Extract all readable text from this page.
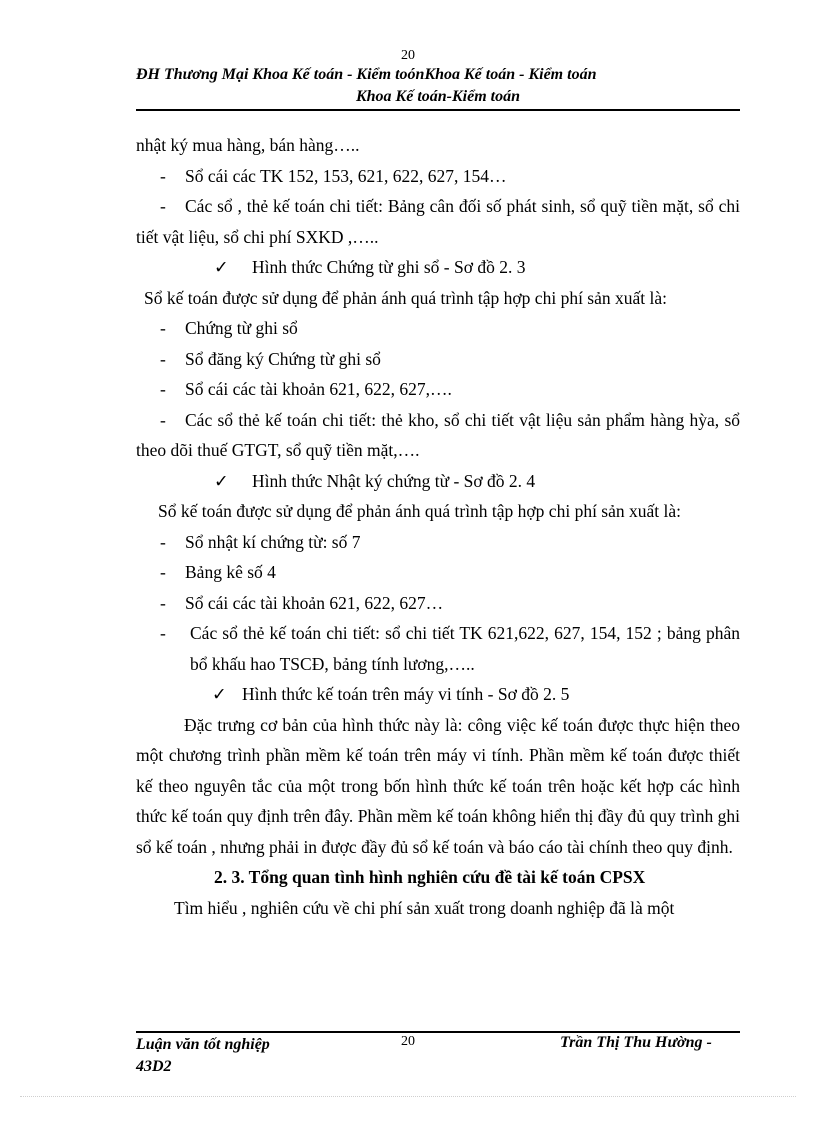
20
ĐH Thương Mại Khoa Kế toán - Kiểm toónKhoa Kế toán - Kiểm toán
Khoa Kế toán-Kiểm toán

nhật ký mua hàng, bán hàng…..

-	Sổ cái các TK 152, 153, 621, 622, 627, 154…

- Các sổ , thẻ kế toán chi tiết: Bảng cân đối số phát sinh, sổ quỹ tiền mặt, sổ chi tiết vật liệu, sổ chi phí SXKD ,…..

✓	Hình thức Chứng từ ghi sổ - Sơ đồ 2. 3

Sổ kế toán được sử dụng để phản ánh quá trình tập hợp chi phí sản xuất là:

-	Chứng từ ghi sổ
-	Sổ đăng ký Chứng từ ghi sổ
-	Sổ cái các tài khoản 621, 622, 627,….

- Các sổ thẻ kế toán chi tiết: thẻ kho, sổ chi tiết vật liệu sản phẩm hàng hỳa, sổ theo dõi thuế GTGT, sổ quỹ tiền mặt,….

✓	Hình thức Nhật ký chứng từ - Sơ đồ 2. 4

Sổ kế toán được sử dụng để phản ánh quá trình tập hợp chi phí sản xuất là:

-	Sổ nhật kí chứng từ: số 7
-	Bảng kê số 4
-	Sổ cái các tài khoản 621, 622, 627…
-	Các sổ thẻ kế toán chi tiết: sổ chi tiết TK 621,622, 627, 154, 152 ; bảng phân bổ khấu hao TSCĐ, bảng tính lương,…..
✓ Hình thức kế toán trên máy vi tính - Sơ đồ 2. 5

Đặc trưng cơ bản của hình thức này là: công việc kế toán được thực hiện theo một chương trình phần mềm kế toán trên máy vi tính. Phần mềm kế toán được thiết kế theo nguyên tắc của một trong bốn hình thức kế toán trên hoặc kết hợp các hình thức kế toán quy định trên đây. Phần mềm kế toán không hiển thị đầy đủ quy trình ghi sổ kế toán , nhưng phải in được đầy đủ sổ kế toán và báo cáo tài chính theo quy định.

2. 3. Tổng quan tình hình nghiên cứu đề tài kế toán CPSX

Tìm hiểu , nghiên cứu về chi phí sản xuất trong doanh nghiệp đã là một

Luận văn tốt nghiệp 43D2
20	Trần Thị Thu Hường -
